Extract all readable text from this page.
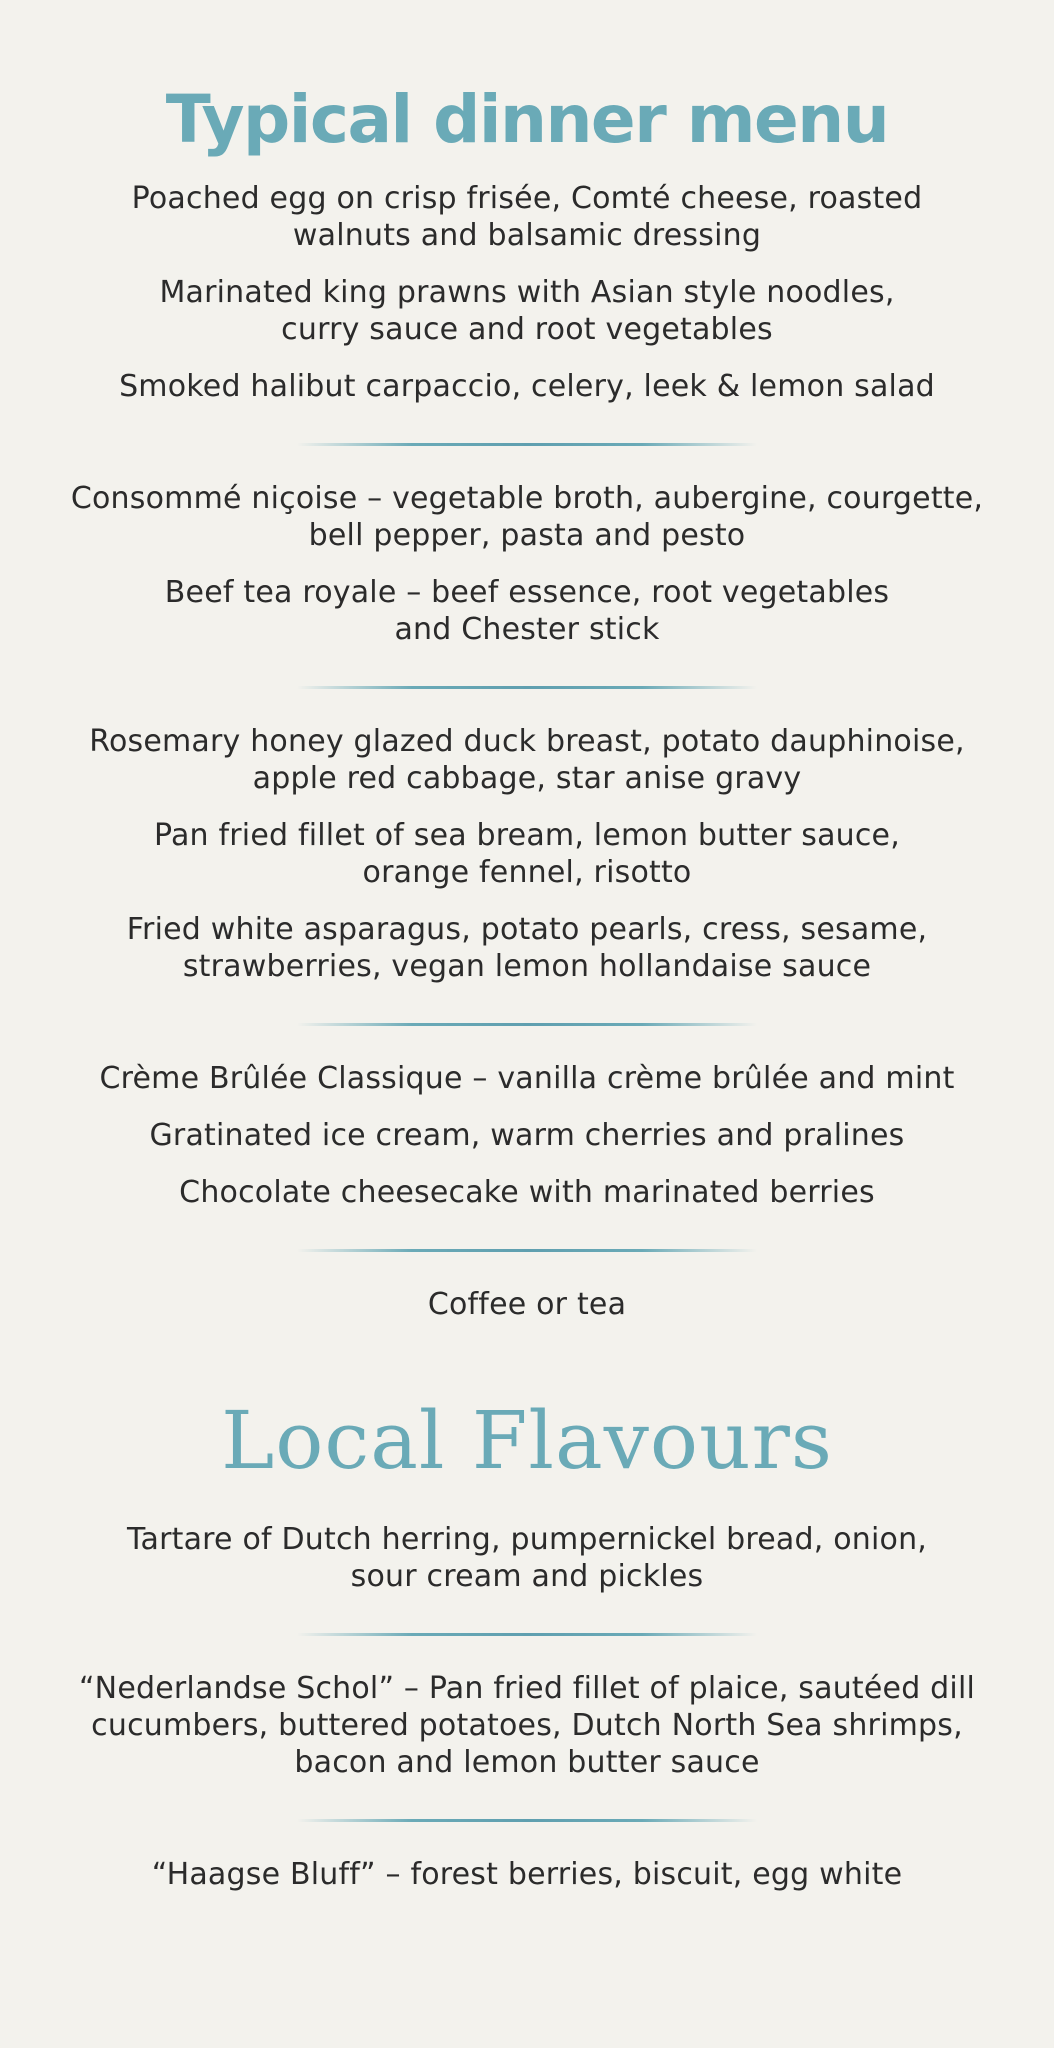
Typical dinner menu

Poached egg on crisp frisée, Comté cheese, roasted
walnuts and balsamic dressing

Marinated king prawns with Asian style noodles,
curry sauce and root vegetables

Smoked halibut carpaccio, celery, leek & lemon salad

Consommé niçoise – vegetable broth, aubergine, courgette,
bell pepper, pasta and pesto

Beef tea royale – beef essence, root vegetables
and Chester stick

Rosemary honey glazed duck breast, potato dauphinoise,
apple red cabbage, star anise gravy

Pan fried fillet of sea bream, lemon butter sauce,
orange fennel, risotto

Fried white asparagus, potato pearls, cress, sesame,
strawberries, vegan lemon hollandaise sauce

Crème Brûlée Classique – vanilla crème brûlée and mint

Gratinated ice cream, warm cherries and pralines

Chocolate cheesecake with marinated berries

Coffee or tea

Local Flavours

Tartare of Dutch herring, pumpernickel bread, onion,
sour cream and pickles

“Nederlandse Schol” – Pan fried fillet of plaice, sautéed dill
cucumbers, buttered potatoes, Dutch North Sea shrimps,
bacon and lemon butter sauce

“Haagse Bluff” – forest berries, biscuit, egg white
